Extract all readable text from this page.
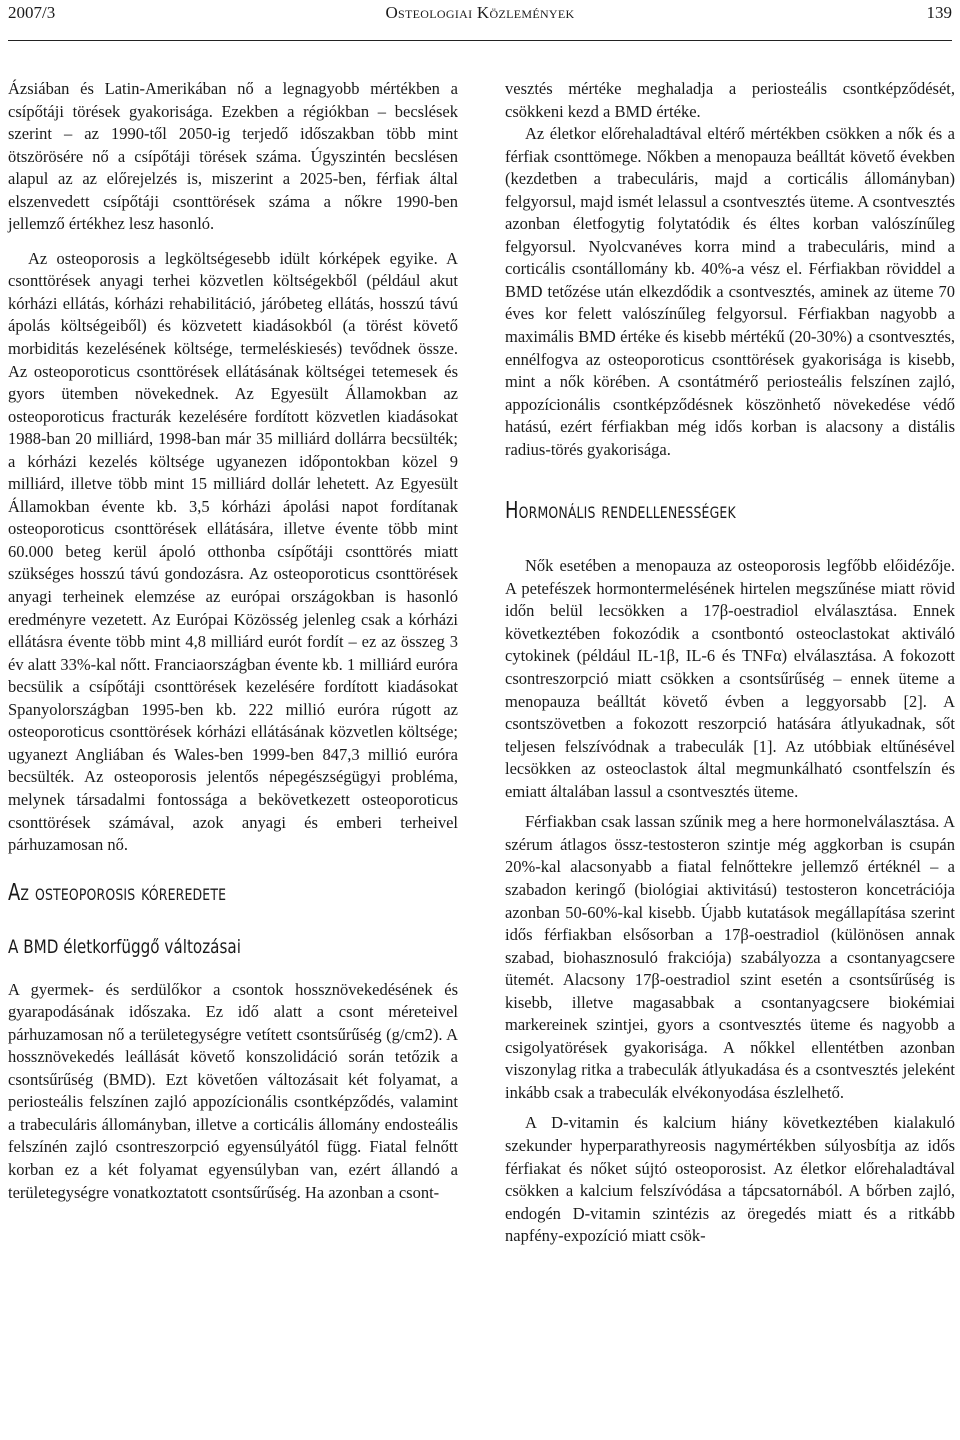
2007/3	Osteologiai Közlemények	139

Ázsiában és Latin-Amerikában nő a legnagyobb mértékben a csípőtáji törések gyakorisága. Ezekben a régiókban – becslések szerint – az 1990-től 2050-ig terjedő időszakban több mint ötszörösére nő a csípőtáji törések száma. Úgyszintén becslésen alapul az az előrejelzés is, miszerint a 2025-ben, férfiak által elszenvedett csípőtáji csonttörések száma a nőkre 1990-ben jellemző értékhez lesz hasonló.

Az osteoporosis a legköltségesebb idült kórképek egyike. A csonttörések anyagi terhei közvetlen költségekből (például akut kórházi ellátás, kórházi rehabilitáció, járóbeteg ellátás, hosszú távú ápolás költségeiből) és közvetett kiadásokból (a törést követő morbiditás kezelésének költsége, termeléskiesés) tevődnek össze. Az osteoporoticus csonttörések ellátásának költségei tetemesek és gyors ütemben növekednek. Az Egyesült Államokban az osteoporoticus fracturák kezelésére fordított közvetlen kiadásokat 1988-ban 20 milliárd, 1998-ban már 35 milliárd dollárra becsülték; a kórházi kezelés költsége ugyanezen időpontokban közel 9 milliárd, illetve több mint 15 milliárd dollár lehetett. Az Egyesült Államokban évente kb. 3,5 kórházi ápolási napot fordítanak osteoporoticus csonttörések ellátására, illetve évente több mint 60.000 beteg kerül ápoló otthonba csípőtáji csonttörés miatt szükséges hosszú távú gondozásra. Az osteoporoticus csonttörések anyagi terheinek elemzése az európai országokban is hasonló eredményre vezetett. Az Európai Közösség jelenleg csak a kórházi ellátásra évente több mint 4,8 milliárd eurót fordít – ez az összeg 3 év alatt 33%-kal nőtt. Franciaországban évente kb. 1 milliárd euróra becsülik a csípőtáji csonttörések kezelésére fordított kiadásokat Spanyolországban 1995-ben kb. 222 millió euróra rúgott az osteoporoticus csonttörések kórházi ellátásának közvetlen költsége; ugyanezt Angliában és Wales-ben 1999-ben 847,3 millió euróra becsülték. Az osteoporosis jelentős népegészségügyi probléma, melynek társadalmi fontossága a bekövetkezett osteoporoticus csonttörések számával, azok anyagi és emberi terheivel párhuzamosan nő.

Az osteoporosis kóreredete
A BMD életkorfüggő változásai

A gyermek- és serdülőkor a csontok hossznövekedésének és gyarapodásának időszaka. Ez idő alatt a csont méreteivel párhuzamosan nő a területegységre vetített csontsűrűség (g/cm2). A hossznövekedés leállását követő konszolidáció során tetőzik a csontsűrűség (BMD). Ezt követően változásait két folyamat, a periosteális felszínen zajló appozícionális csontképződés, valamint a trabeculáris állományban, illetve a corticális állomány endosteális felszínén zajló csontreszorpció egyensúlyától függ. Fiatal felnőtt korban ez a két folyamat egyensúlyban van, ezért állandó a területegységre vonatkoztatott csontsűrűség. Ha azonban a csont-

vesztés mértéke meghaladja a periosteális csontképződését, csökkeni kezd a BMD értéke.

Az életkor előrehaladtával eltérő mértékben csökken a nők és a férfiak csonttömege. Nőkben a menopauza beálltát követő években (kezdetben a trabeculáris, majd a corticális állományban) felgyorsul, majd ismét lelassul a csontvesztés üteme. A csontvesztés azonban életfogytig folytatódik és éltes korban valószínűleg felgyorsul. Nyolcvanéves korra mind a trabeculáris, mind a corticális csontállomány kb. 40%-a vész el. Férfiakban röviddel a BMD tetőzése után elkezdődik a csontvesztés, aminek az üteme 70 éves kor felett valószínűleg felgyorsul. Férfiakban nagyobb a maximális BMD értéke és kisebb mértékű (20-30%) a csontvesztés, ennélfogva az osteoporoticus csonttörések gyakorisága is kisebb, mint a nők körében. A csontátmérő periosteális felszínen zajló, appozícionális csontképződésnek köszönhető növekedése védő hatású, ezért férfiakban még idős korban is alacsony a distális radius-törés gyakorisága.

Hormonális rendellenességek

Nők esetében a menopauza az osteoporosis legfőbb előidézője. A petefészek hormontermelésének hirtelen megszűnése miatt rövid időn belül lecsökken a 17β-oestradiol elválasztása. Ennek következtében fokozódik a csontbontó osteoclastokat aktiváló cytokinek (például IL-1β, IL-6 és TNFα) elválasztása. A fokozott csontreszorpció miatt csökken a csontsűrűség – ennek üteme a menopauza beálltát követő évben a leggyorsabb [2]. A csontszövetben a fokozott reszorpció hatására átlyukadnak, sőt teljesen felszívódnak a trabeculák [1]. Az utóbbiak eltűnésével lecsökken az osteoclastok által megmunkálható csontfelszín és emiatt általában lassul a csontvesztés üteme.

Férfiakban csak lassan szűnik meg a here hormonelválasztása. A szérum átlagos össz-testosteron szintje még aggkorban is csupán 20%-kal alacsonyabb a fiatal felnőttekre jellemző értéknél – a szabadon keringő (biológiai aktivitású) testosteron koncetrációja azonban 50-60%-kal kisebb. Újabb kutatások megállapítása szerint idős férfiakban elsősorban a 17β-oestradiol (különösen annak szabad, biohasznosuló frakciója) szabályozza a csontanyagcsere ütemét. Alacsony 17β-oestradiol szint esetén a csontsűrűség is kisebb, illetve magasabbak a csontanyagcsere biokémiai markereinek szintjei, gyors a csontvesztés üteme és nagyobb a csigolyatörések gyakorisága. A nőkkel ellentétben azonban viszonylag ritka a trabeculák átlyukadása és a csontvesztés jeleként inkább csak a trabeculák elvékonyodása észlelhető.

A D-vitamin és kalcium hiány következtében kialakuló szekunder hyperparathyreosis nagymértékben súlyosbítja az idős férfiakat és nőket sújtó osteoporosist. Az életkor előrehaladtával csökken a kalcium felszívódása a tápcsatornából. A bőrben zajló, endogén D-vitamin szintézis az öregedés miatt és a ritkább napfény-expozíció miatt csök-
